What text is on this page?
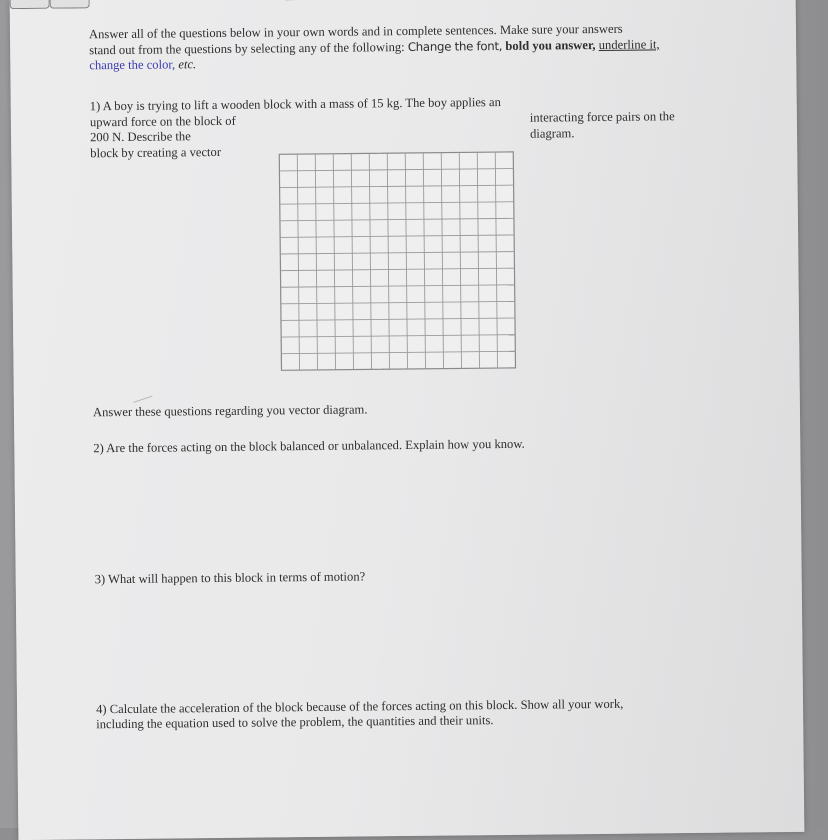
Answer all of the questions below in your own words and in complete sentences. Make sure your answers
stand out from the questions by selecting any of the following: Change the font, bold you answer, underline it,
change the color, etc.
1) A boy is trying to lift a wooden block with a mass of 15 kg. The boy applies an upward force on the block of
200 N. Describe the
block by creating a vector
interacting force pairs on the
diagram.
Answer these questions regarding you vector diagram.
2) Are the forces acting on the block balanced or unbalanced. Explain how you know.
3) What will happen to this block in terms of motion?
4) Calculate the acceleration of the block because of the forces acting on this block. Show all your work,
including the equation used to solve the problem, the quantities and their units.
